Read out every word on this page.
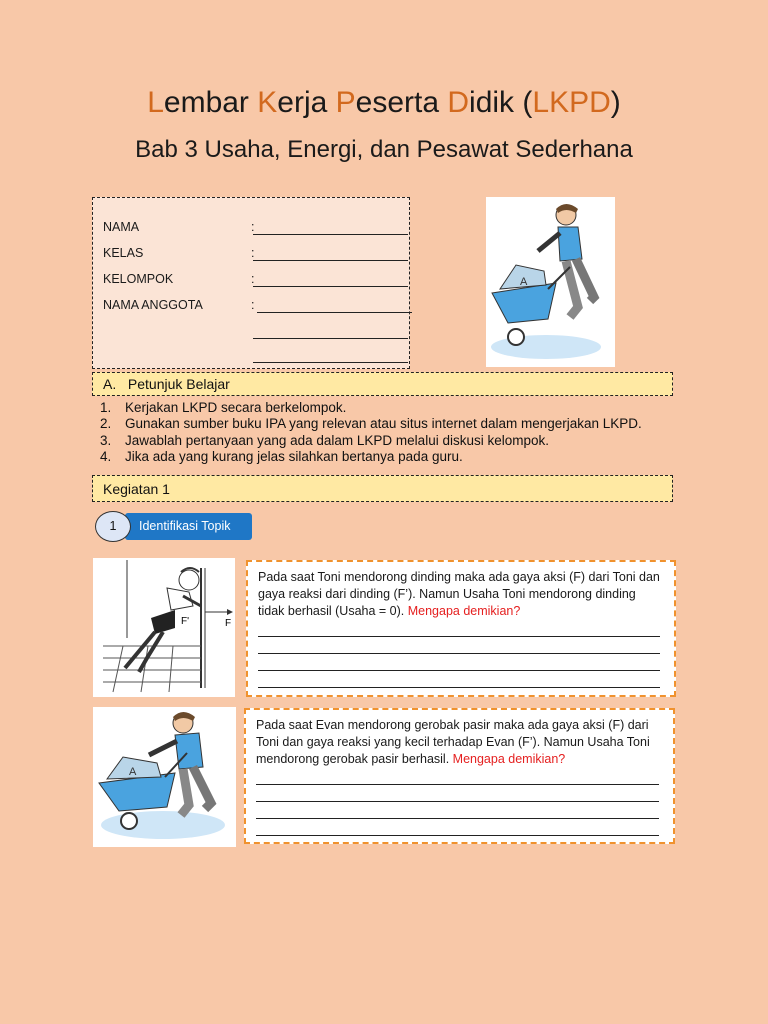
Lembar Kerja Peserta Didik (LKPD)
Bab 3 Usaha, Energi, dan Pesawat Sederhana
NAMA	:
KELAS	:
KELOMPOK	:
NAMA ANGGOTA	:
A
A.   Petunjuk Belajar
1. Kerjakan LKPD secara berkelompok.
2. Gunakan sumber buku IPA yang relevan atau situs internet dalam mengerjakan LKPD.
3. Jawablah pertanyaan yang ada dalam LKPD melalui diskusi kelompok.
4. Jika ada yang kurang jelas silahkan bertanya pada guru.
Kegiatan 1
Identifikasi Topik
1
F'	F
Pada saat Toni mendorong dinding maka ada gaya aksi (F) dari Toni dan gaya reaksi dari dinding (F’). Namun Usaha Toni mendorong dinding tidak berhasil (Usaha = 0). Mengapa demikian?
A
Pada saat Evan mendorong gerobak pasir maka ada gaya aksi (F) dari Toni dan gaya reaksi yang kecil terhadap Evan (F’). Namun Usaha Toni mendorong gerobak pasir berhasil. Mengapa demikian?
